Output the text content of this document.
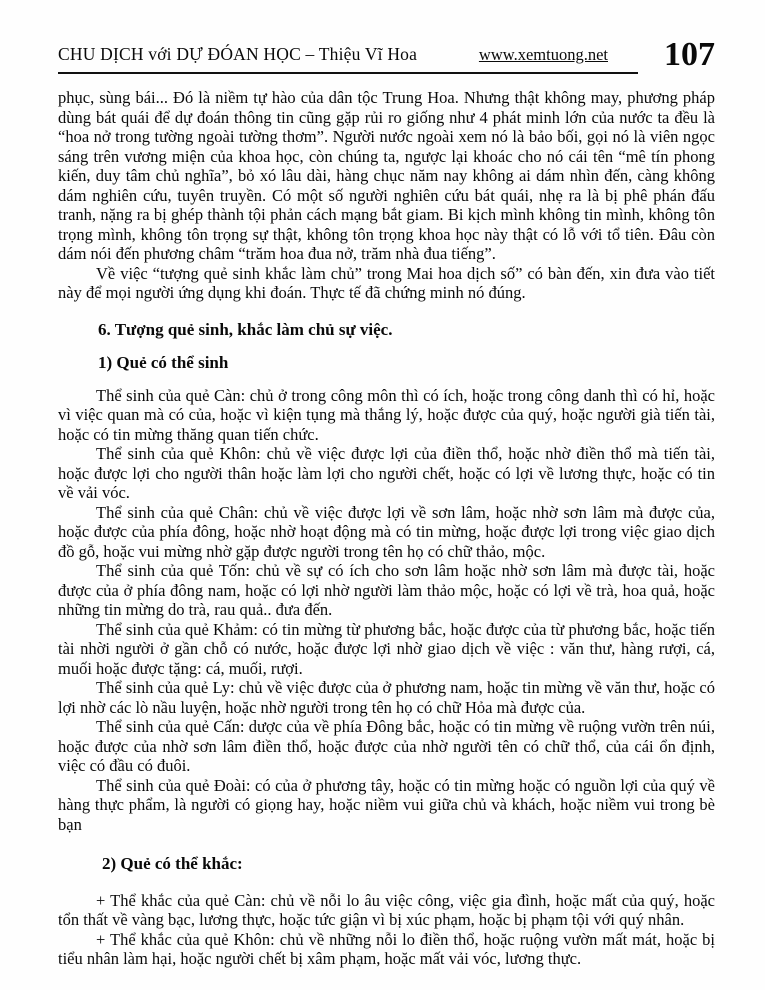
CHU DỊCH với DỰ ĐÓAN HỌC – Thiệu Vĩ Hoa	www.xemtuong.net 107

phục, sùng bái... Đó là niềm tự hào của dân tộc Trung Hoa. Nhưng thật không may, phương pháp dùng bát quái để dự đoán thông tin cũng gặp rủi ro giống như 4 phát minh lớn của nước ta đều là “hoa nở trong tường ngoài tường thơm”. Người nước ngoài xem nó là bảo bối, gọi nó là viên ngọc sáng trên vương miện của khoa học, còn chúng ta, ngược lại khoác cho nó cái tên “mê tín phong kiến, duy tâm chủ nghĩa”, bỏ xó lâu dài, hàng chục năm nay không ai dám nhìn đến, càng không dám nghiên cứu, tuyên truyền. Có một số người nghiên cứu bát quái, nhẹ ra là bị phê phán đấu tranh, nặng ra bị ghép thành tội phản cách mạng bắt giam. Bi kịch mình không tin mình, không tôn trọng mình, không tôn trọng sự thật, không tôn trọng khoa học này thật có lỗ với tổ tiên. Đâu còn dám nói đến phương châm “trăm hoa đua nở, trăm nhà đua tiếng”.

Về việc “tượng quẻ sinh khắc làm chủ” trong Mai hoa dịch số” có bàn đến, xin đưa vào tiết này để mọi người ứng dụng khi đoán. Thực tế đã chứng minh nó đúng.

6. Tượng quẻ sinh, khắc làm chủ sự việc.
1) Quẻ có thể sinh

Thể sinh của quẻ Càn: chủ ở trong công môn thì có ích, hoặc trong công danh thì có hỉ, hoặc vì việc quan mà có của, hoặc vì kiện tụng mà thắng lý, hoặc được của quý, hoặc người già tiến tài, hoặc có tin mừng thăng quan tiến chức.

Thể sinh của quẻ Khôn: chủ về việc được lợi của điền thổ, hoặc nhờ điền thổ mà tiến tài, hoặc được lợi cho người thân hoặc làm lợi cho người chết, hoặc có lợi về lương thực, hoặc có tin về vải vóc.

Thể sinh của quẻ Chân: chủ về việc được lợi về sơn lâm, hoặc nhờ sơn lâm mà được của, hoặc được của phía đông, hoặc nhờ hoạt động mà có tin mừng, hoặc được lợi trong việc giao dịch đồ gỗ, hoặc vui mừng nhờ gặp được người trong tên họ có chữ thảo, mộc.

Thể sinh của quẻ Tốn: chủ về sự có ích cho sơn lâm hoặc nhờ sơn lâm mà được tài, hoặc được của ở phía đông nam, hoặc có lợi nhờ người làm thảo mộc, hoặc có lợi về trà, hoa quả, hoặc những tin mừng do trà, rau quả.. đưa đến.

Thể sinh của quẻ Khảm: có tin mừng từ phương bắc, hoặc được của từ phương bắc, hoặc tiến tài nhời người ở gần chỗ có nước, hoặc được lợi nhờ giao dịch về việc : văn thư, hàng rượi, cá, muối hoặc được tặng: cá, muối, rượi.

Thể sinh của quẻ Ly: chủ về việc được của ở phương nam, hoặc tin mừng về văn thư, hoặc có lợi nhờ các lò nầu luyện, hoặc nhờ người trong tên họ có chữ Hỏa mà được của.

Thể sinh của quẻ Cấn: dược của về phía Đông bắc, hoặc có tin mừng về ruộng vườn trên núi, hoặc được của nhờ sơn lâm điền thổ, hoặc được của nhờ người tên có chữ thổ, của cái ổn định, việc có đầu có đuôi.

Thể sinh của quẻ Đoài: có của ở phương tây, hoặc có tin mừng hoặc có nguồn lợi của quý về hàng thực phẩm, là người có giọng hay, hoặc niềm vui giữa chủ và khách, hoặc niềm vui trong bè bạn

2) Quẻ có thể khắc:

+ Thể khắc của quẻ Càn: chủ về nỗi lo âu việc công, việc gia đình, hoặc mất của quý, hoặc tổn thất về vàng bạc, lương thực, hoặc tức giận vì bị xúc phạm, hoặc bị phạm tội với quý nhân.

+ Thể khắc của quẻ Khôn: chủ về những nỗi lo điền thổ, hoặc ruộng vườn mất mát, hoặc bị tiểu nhân làm hại, hoặc người chết bị xâm phạm, hoặc mất vải vóc, lương thực.
